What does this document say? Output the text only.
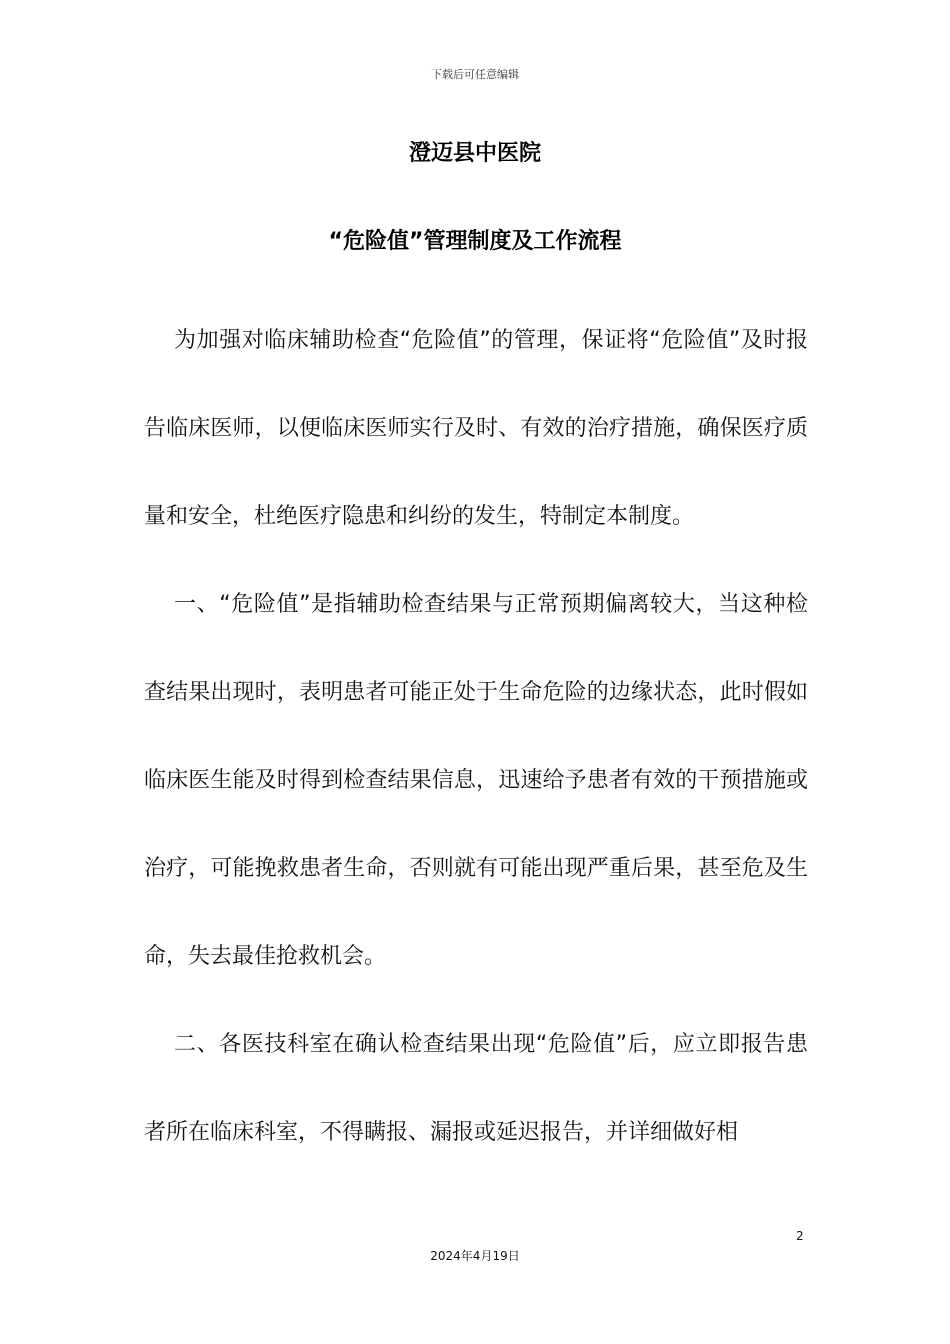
下载后可任意编辑
澄迈县中医院
“危险值”管理制度及工作流程

为加强对临床辅助检查“危险值”的管理，保证将“危险值”及时报告临床医师，以便临床医师实行及时、有效的治疗措施，确保医疗质量和安全，杜绝医疗隐患和纠纷的发生，特制定本制度。

一、“危险值”是指辅助检查结果与正常预期偏离较大，当这种检查结果出现时，表明患者可能正处于生命危险的边缘状态，此时假如临床医生能及时得到检查结果信息，迅速给予患者有效的干预措施或治疗，可能挽救患者生命，否则就有可能出现严重后果，甚至危及生命，失去最佳抢救机会。

二、各医技科室在确认检查结果出现“危险值”后，应立即报告患者所在临床科室，不得瞒报、漏报或延迟报告，并详细做好相

2
2024年4月19日
